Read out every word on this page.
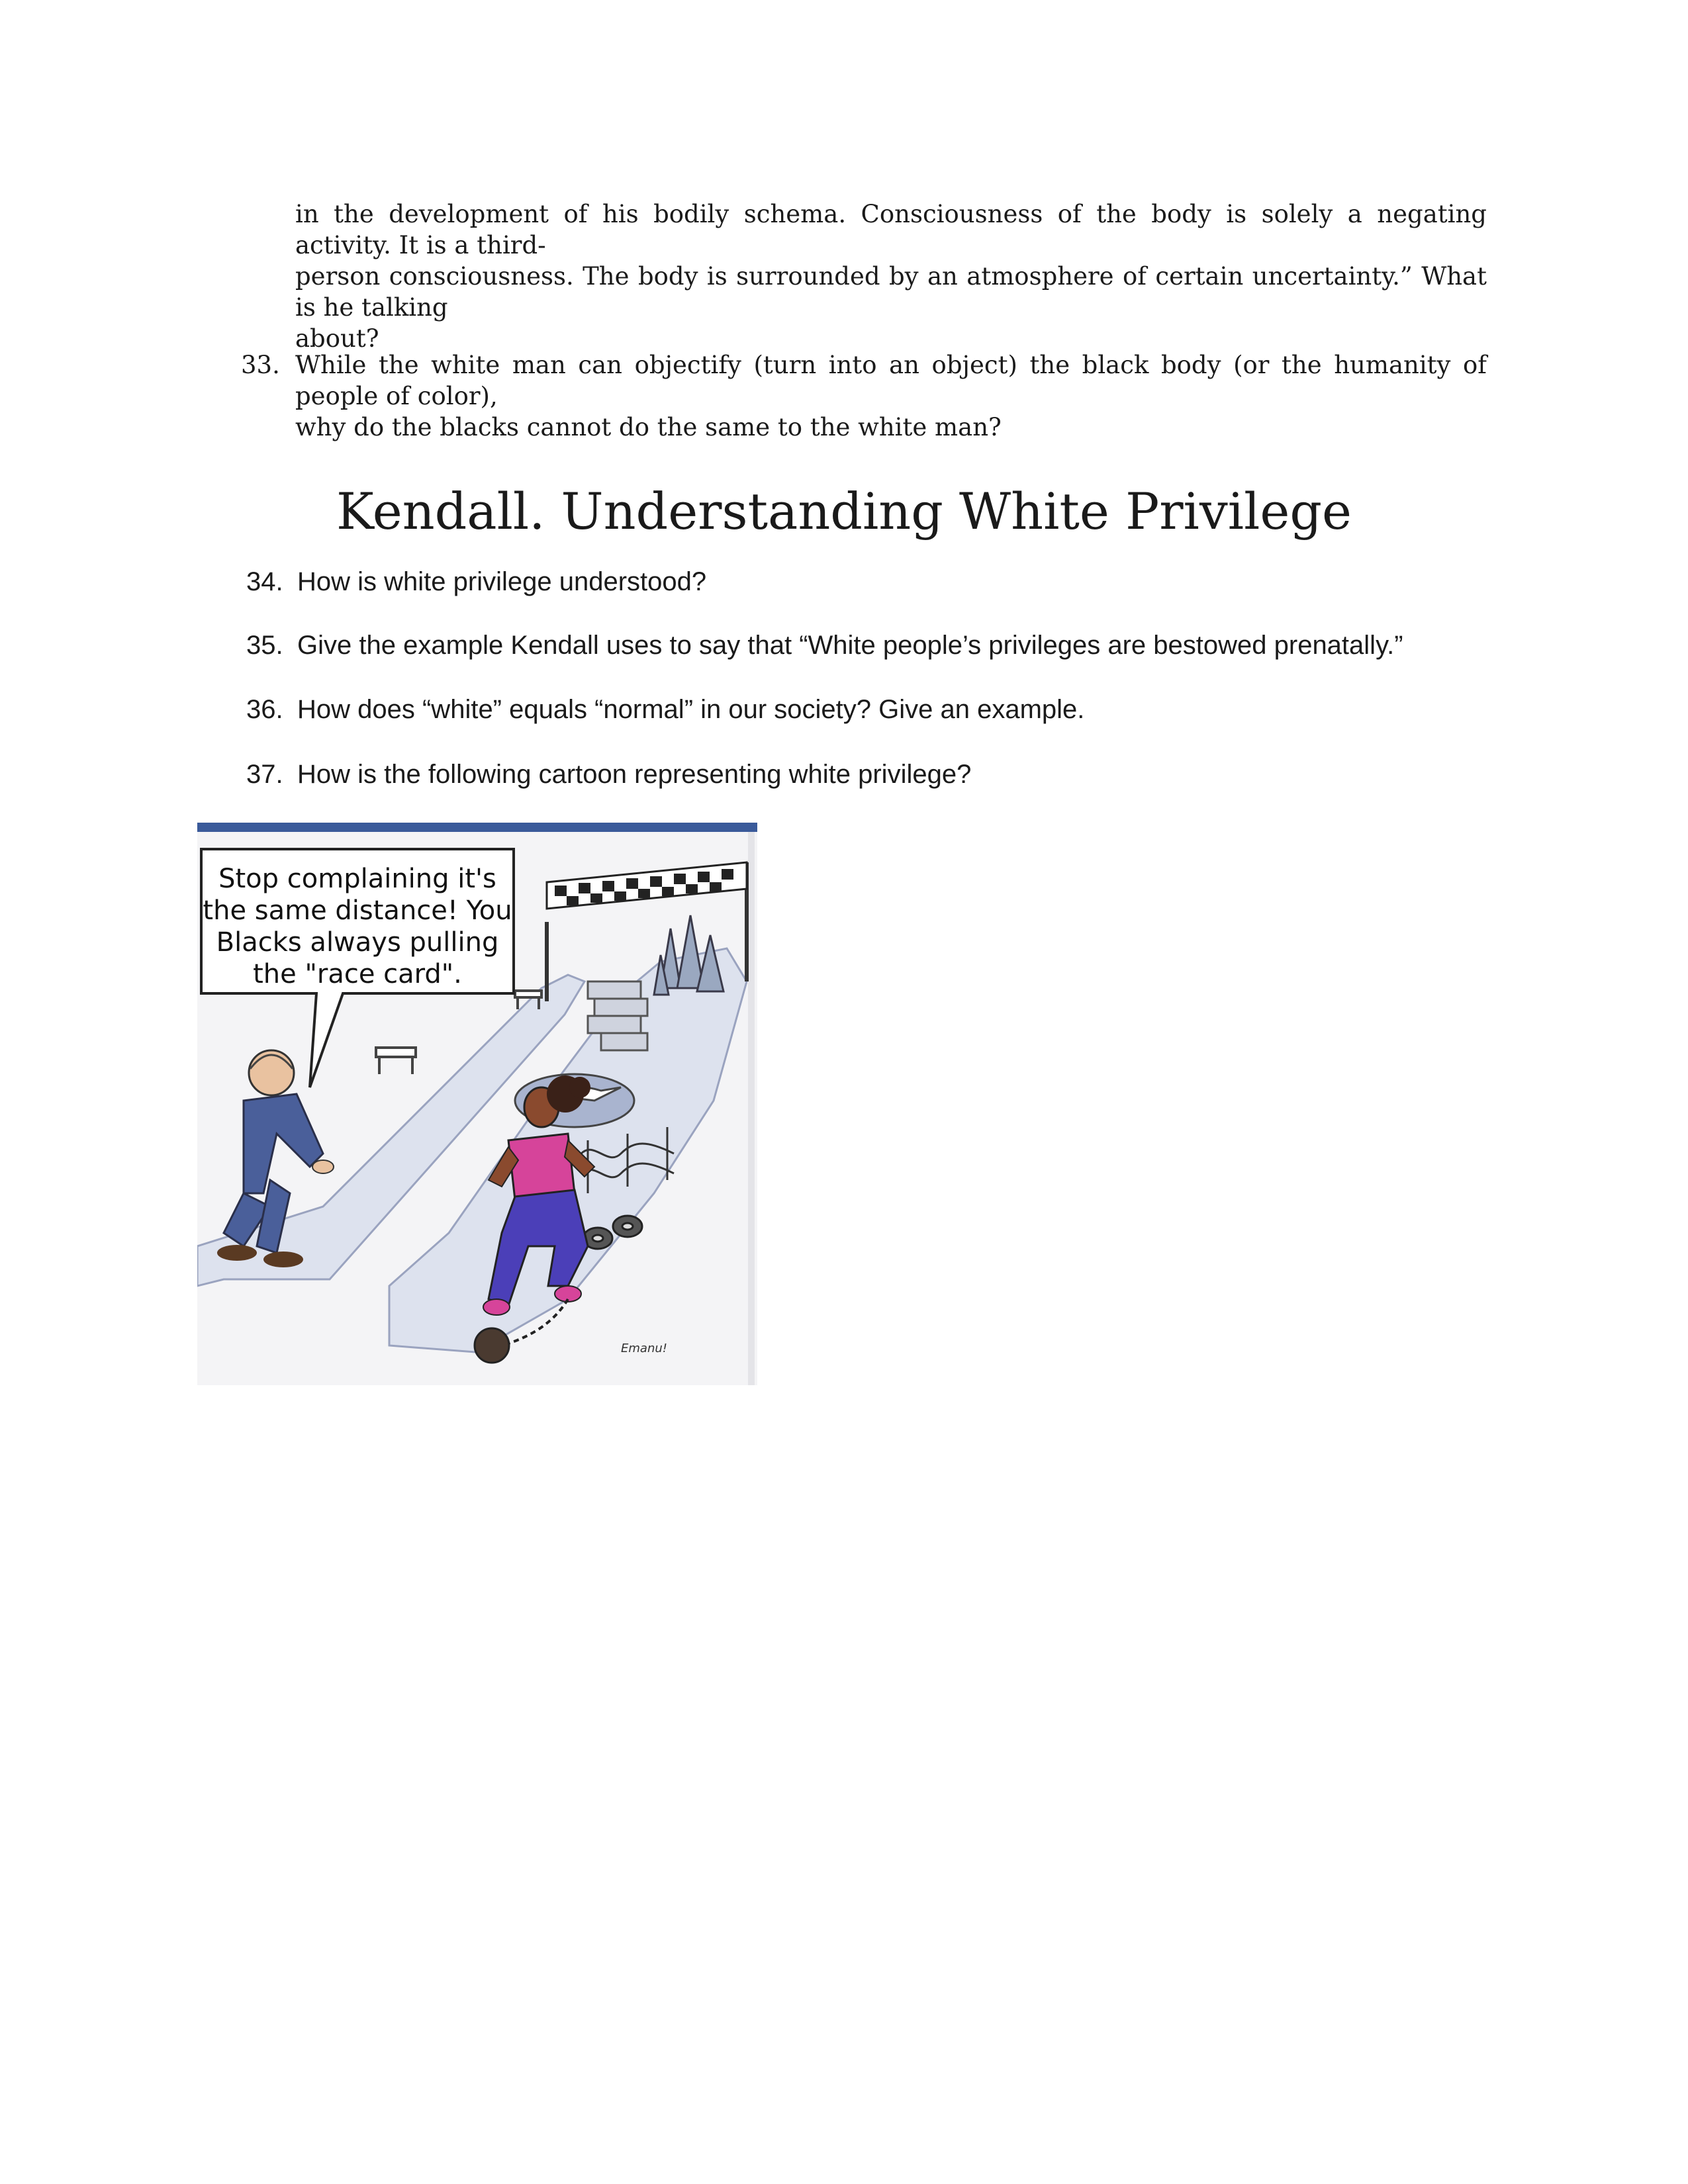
in the development of his bodily schema. Consciousness of the body is solely a negating activity. It is a third-
person consciousness. The body is surrounded by an atmosphere of certain uncertainty.” What is he talking
about?
33. While the white man can objectify (turn into an object) the black body (or the humanity of people of color),
why do the blacks cannot do the same to the white man?
Kendall. Understanding White Privilege
34. How is white privilege understood?
35. Give the example Kendall uses to say that “White people’s privileges are bestowed prenatally.”
36. How does “white” equals “normal” in our society? Give an example.
37. How is the following cartoon representing white privilege?
Stop complaining it's
the same distance! You
Blacks always pulling
the "race card".
Emanu!
